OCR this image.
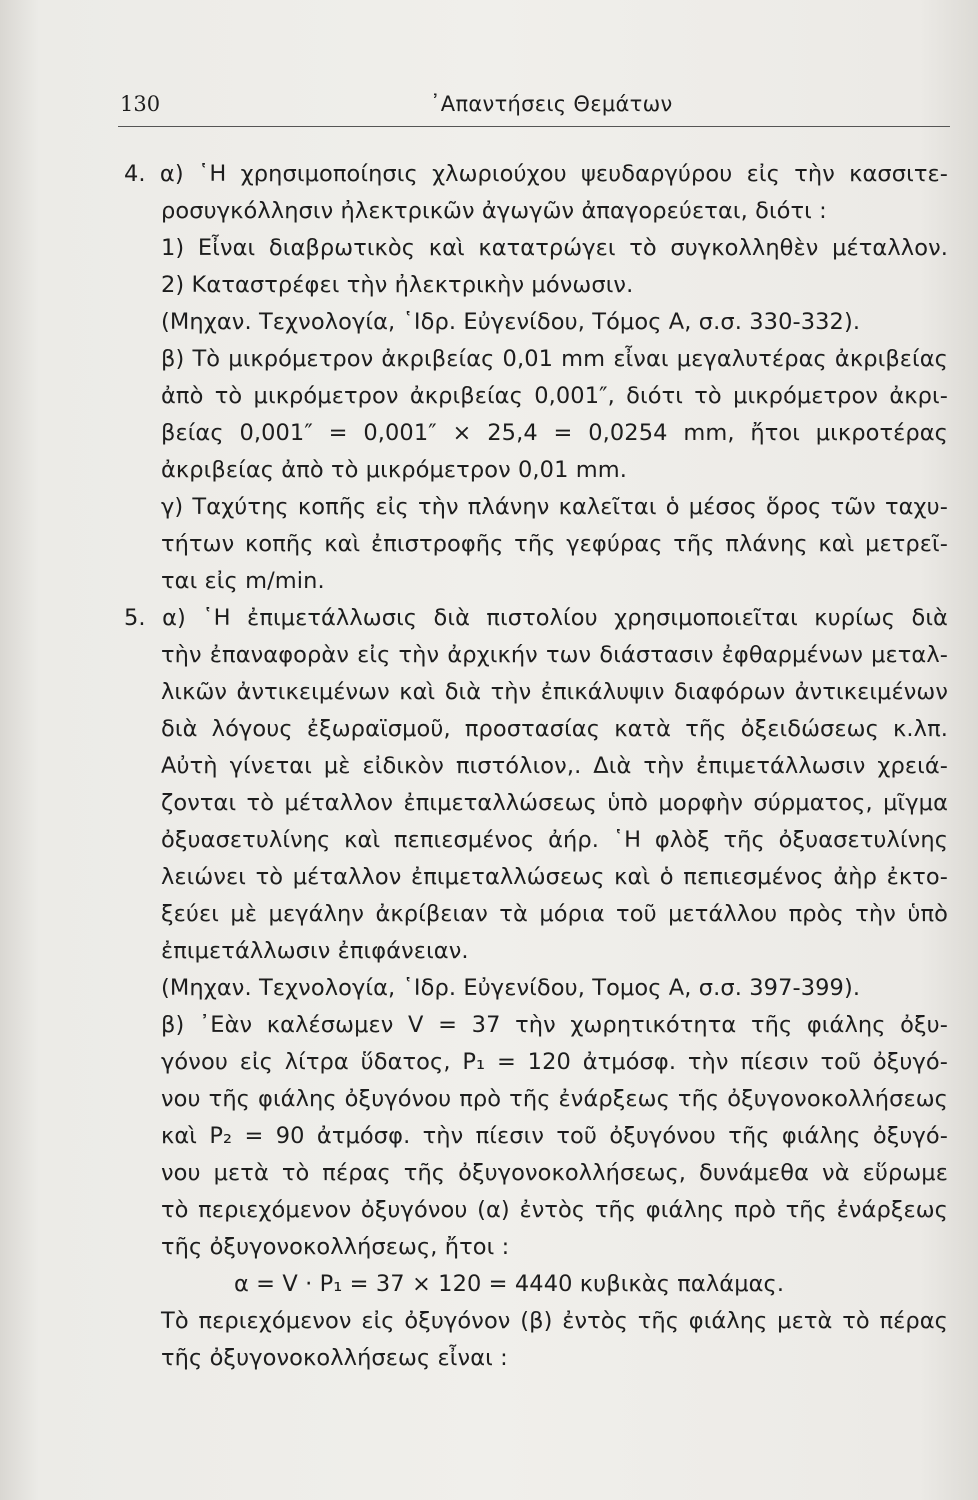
130	᾿Απαντήσεις Θεμάτων
4. α) ῾Η χρησιμοποίησις χλωριούχου ψευδαργύρου εἰς τὴν κασσιτε-
ροσυγκόλλησιν ἠλεκτρικῶν ἀγωγῶν ἀπαγορεύεται, διότι :
1) Εἶναι διαβρωτικὸς καὶ κατατρώγει τὸ συγκολληθὲν μέταλλον.
2) Καταστρέφει τὴν ἠλεκτρικὴν μόνωσιν.
(Μηχαν. Τεχνολογία, ῾Ιδρ. Εὐγενίδου, Τόμος Α, σ.σ. 330-332).
β) Τὸ μικρόμετρον ἀκριβείας 0,01 mm εἶναι μεγαλυτέρας ἀκριβείας
ἀπὸ τὸ μικρόμετρον ἀκριβείας 0,001″, διότι τὸ μικρόμετρον ἀκρι-
βείας 0,001″ = 0,001″ × 25,4 = 0,0254 mm, ἤτοι μικροτέρας
ἀκριβείας ἀπὸ τὸ μικρόμετρον 0,01 mm.
γ) Ταχύτης κοπῆς εἰς τὴν πλάνην καλεῖται ὁ μέσος ὅρος τῶν ταχυ-
τήτων κοπῆς καὶ ἐπιστροφῆς τῆς γεφύρας τῆς πλάνης καὶ μετρεῖ-
ται εἰς m/min.
5. α) ῾Η ἐπιμετάλλωσις διὰ πιστολίου χρησιμοποιεῖται κυρίως διὰ
τὴν ἐπαναφορὰν εἰς τὴν ἀρχικήν των διάστασιν ἐφθαρμένων μεταλ-
λικῶν ἀντικειμένων καὶ διὰ τὴν ἐπικάλυψιν διαφόρων ἀντικειμένων
διὰ λόγους ἐξωραϊσμοῦ, προστασίας κατὰ τῆς ὀξειδώσεως κ.λπ.
Αὐτὴ γίνεται μὲ εἰδικὸν πιστόλιον,. Διὰ τὴν ἐπιμετάλλωσιν χρειά-
ζονται τὸ μέταλλον ἐπιμεταλλώσεως ὑπὸ μορφὴν σύρματος, μῖγμα
ὀξυασετυλίνης καὶ πεπιεσμένος ἀήρ. ῾Η φλὸξ τῆς ὀξυασετυλίνης
λειώνει τὸ μέταλλον ἐπιμεταλλώσεως καὶ ὁ πεπιεσμένος ἀὴρ ἐκτο-
ξεύει μὲ μεγάλην ἀκρίβειαν τὰ μόρια τοῦ μετάλλου πρὸς τὴν ὑπὸ
ἐπιμετάλλωσιν ἐπιφάνειαν.
(Μηχαν. Τεχνολογία, ῾Ιδρ. Εὐγενίδου, Τομος Α, σ.σ. 397-399).
β) ᾿Εὰν καλέσωμεν V = 37 τὴν χωρητικότητα τῆς φιάλης ὀξυ-
γόνου εἰς λίτρα ὕδατος, P₁ = 120 ἀτμόσφ. τὴν πίεσιν τοῦ ὀξυγό-
νου τῆς φιάλης ὀξυγόνου πρὸ τῆς ἐνάρξεως τῆς ὀξυγονοκολλήσεως
καὶ P₂ = 90 ἀτμόσφ. τὴν πίεσιν τοῦ ὀξυγόνου τῆς φιάλης ὀξυγό-
νου μετὰ τὸ πέρας τῆς ὀξυγονοκολλήσεως, δυνάμεθα νὰ εὕρωμε
τὸ περιεχόμενον ὀξυγόνου (α) ἐντὸς τῆς φιάλης πρὸ τῆς ἐνάρξεως
τῆς ὀξυγονοκολλήσεως, ἤτοι :
α = V · P₁ = 37 × 120 = 4440 κυβικὰς παλάμας.
Τὸ περιεχόμενον εἰς ὀξυγόνον (β) ἐντὸς τῆς φιάλης μετὰ τὸ πέρας
τῆς ὀξυγονοκολλήσεως εἶναι :
